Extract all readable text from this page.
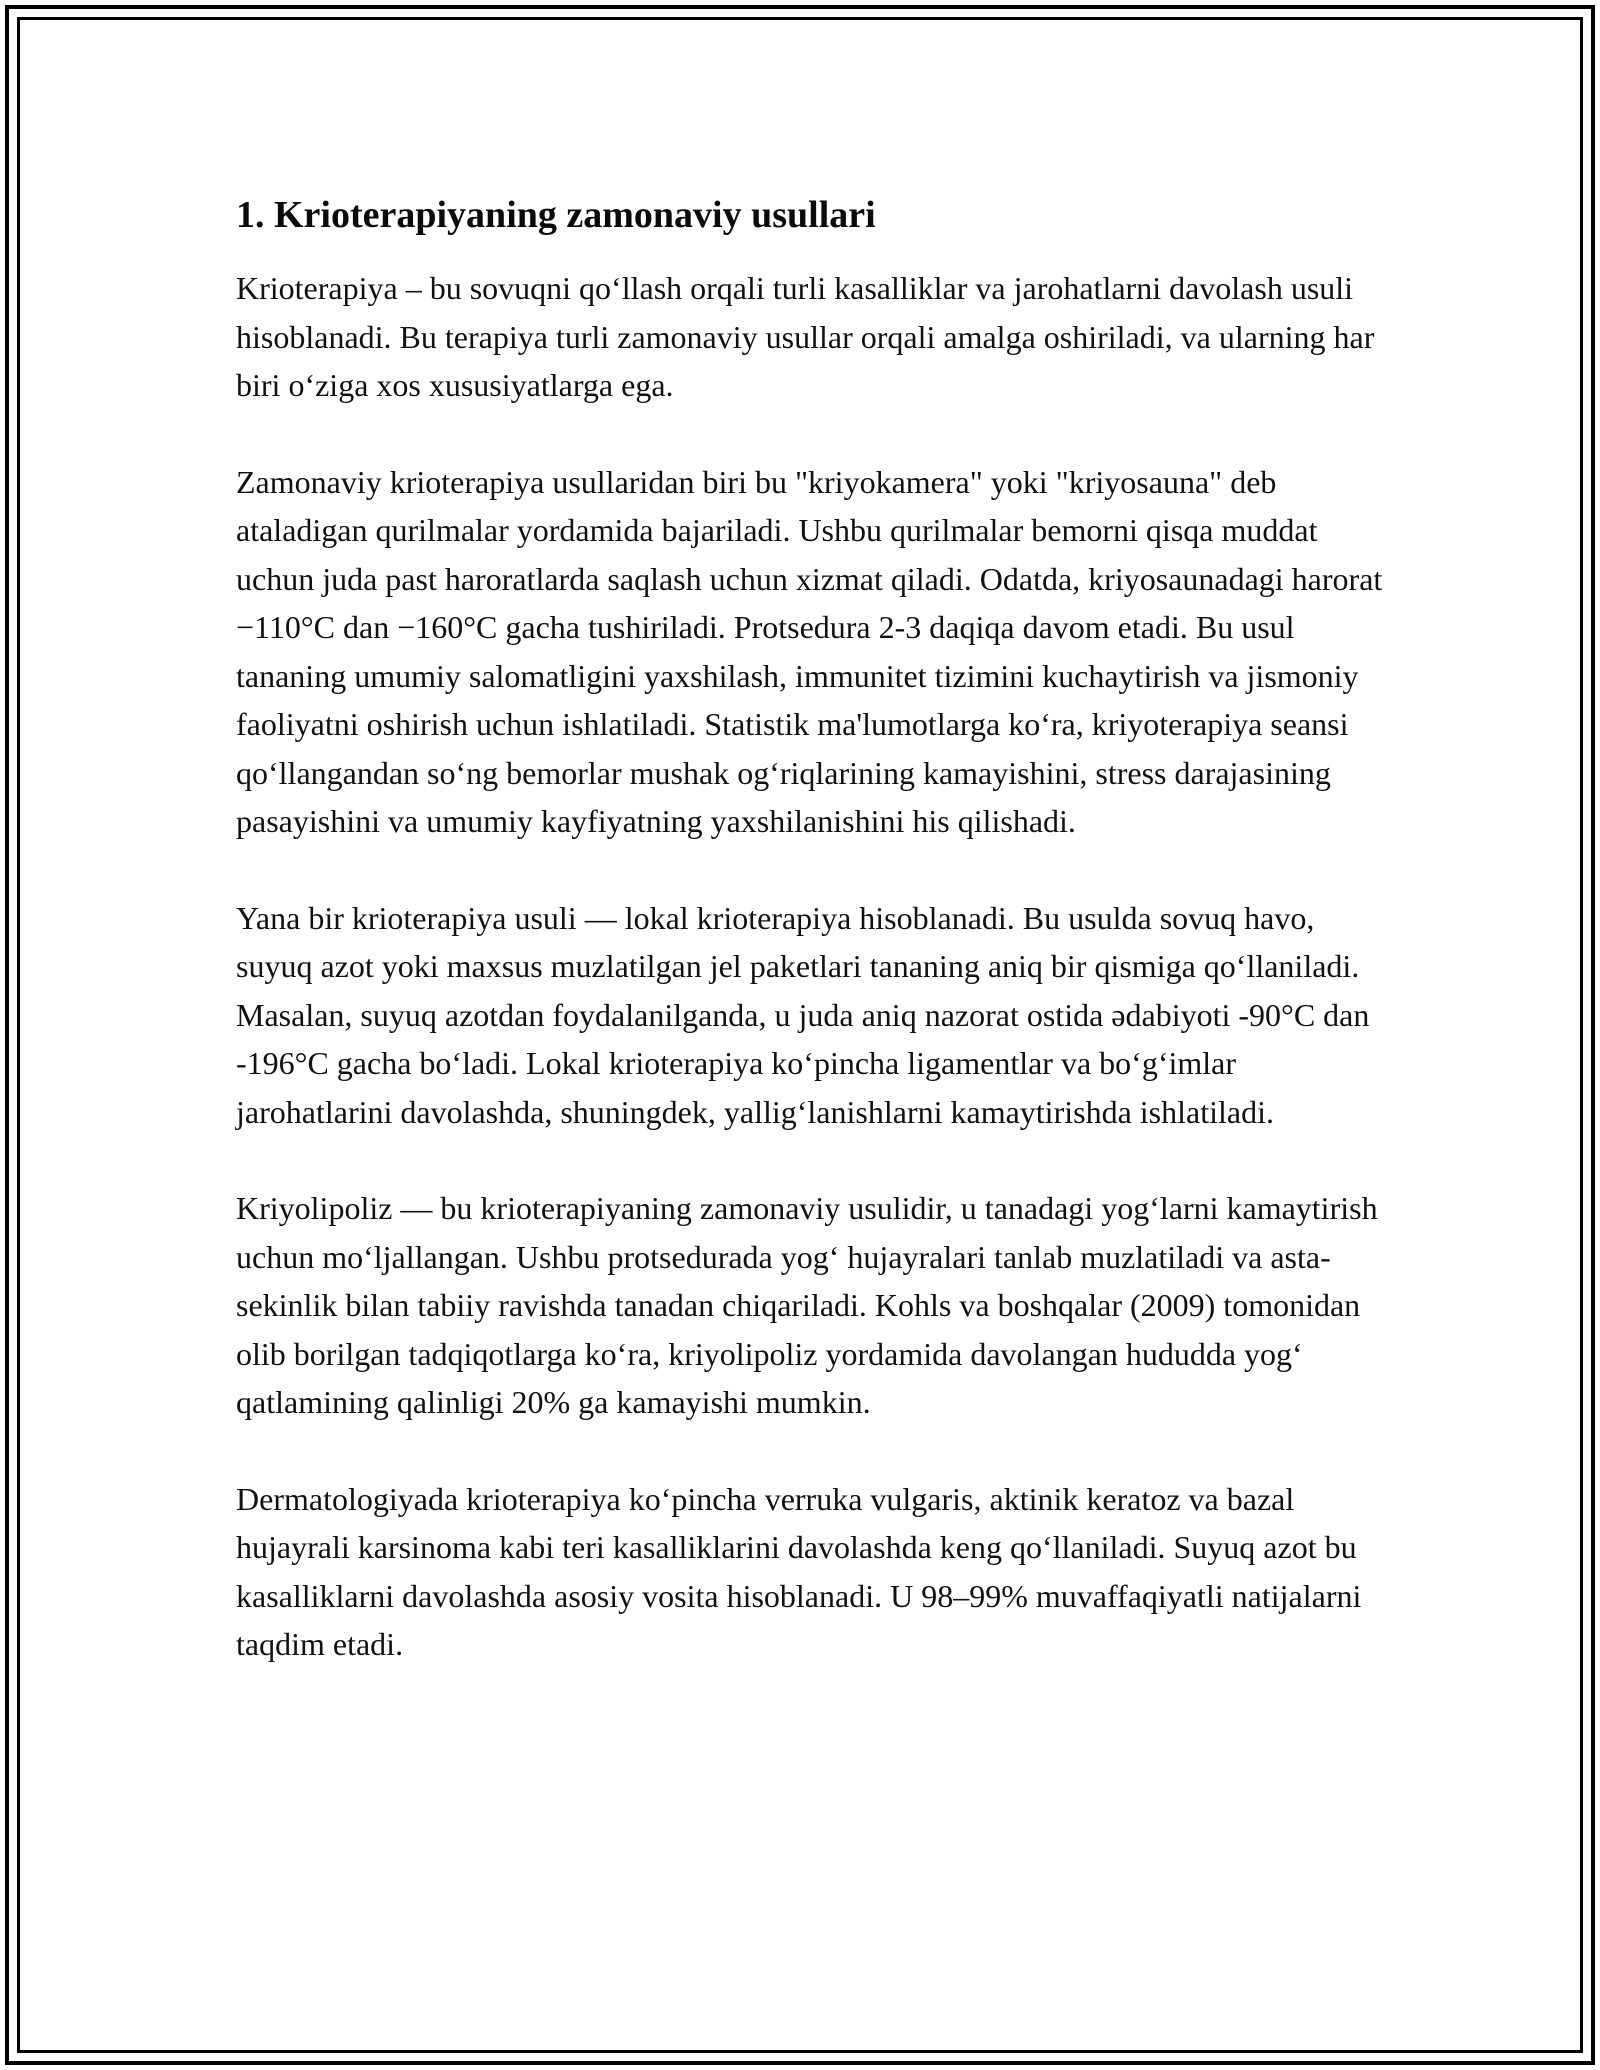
1. Krioterapiyaning zamonaviy usullari

Krioterapiya – bu sovuqni qoʻllash orqali turli kasalliklar va jarohatlarni davolash usuli hisoblanadi. Bu terapiya turli zamonaviy usullar orqali amalga oshiriladi, va ularning har biri oʻziga xos xususiyatlarga ega.

Zamonaviy krioterapiya usullaridan biri bu "kriyokamera" yoki "kriyosauna" deb ataladigan qurilmalar yordamida bajariladi. Ushbu qurilmalar bemorni qisqa muddat uchun juda past haroratlarda saqlash uchun xizmat qiladi. Odatda, kriyosaunadagi harorat −110°C dan −160°C gacha tushiriladi. Protsedura 2-3 daqiqa davom etadi. Bu usul tananing umumiy salomatligini yaxshilash, immunitet tizimini kuchaytirish va jismoniy faoliyatni oshirish uchun ishlatiladi. Statistik ma'lumotlarga koʻra, kriyoterapiya seansi qoʻllangandan soʻng bemorlar mushak ogʻriqlarining kamayishini, stress darajasining pasayishini va umumiy kayfiyatning yaxshilanishini his qilishadi.

Yana bir krioterapiya usuli — lokal krioterapiya hisoblanadi. Bu usulda sovuq havo, suyuq azot yoki maxsus muzlatilgan jel paketlari tananing aniq bir qismiga qoʻllaniladi. Masalan, suyuq azotdan foydalanilganda, u juda aniq nazorat ostida ədabiyoti -90°C dan -196°C gacha boʻladi. Lokal krioterapiya koʻpincha ligamentlar va boʻgʻimlar jarohatlarini davolashda, shuningdek, yalligʻlanishlarni kamaytirishda ishlatiladi.

Kriyolipoliz — bu krioterapiyaning zamonaviy usulidir, u tanadagi yogʻlarni kamaytirish uchun moʻljallangan. Ushbu protsedurada yogʻ hujayralari tanlab muzlatiladi va asta-sekinlik bilan tabiiy ravishda tanadan chiqariladi. Kohls va boshqalar (2009) tomonidan olib borilgan tadqiqotlarga koʻra, kriyolipoliz yordamida davolangan hududda yogʻ qatlamining qalinligi 20% ga kamayishi mumkin.

Dermatologiyada krioterapiya koʻpincha verruka vulgaris, aktinik keratoz va bazal hujayrali karsinoma kabi teri kasalliklarini davolashda keng qoʻllaniladi. Suyuq azot bu kasalliklarni davolashda asosiy vosita hisoblanadi. U 98–99% muvaffaqiyatli natijalarni taqdim etadi.
